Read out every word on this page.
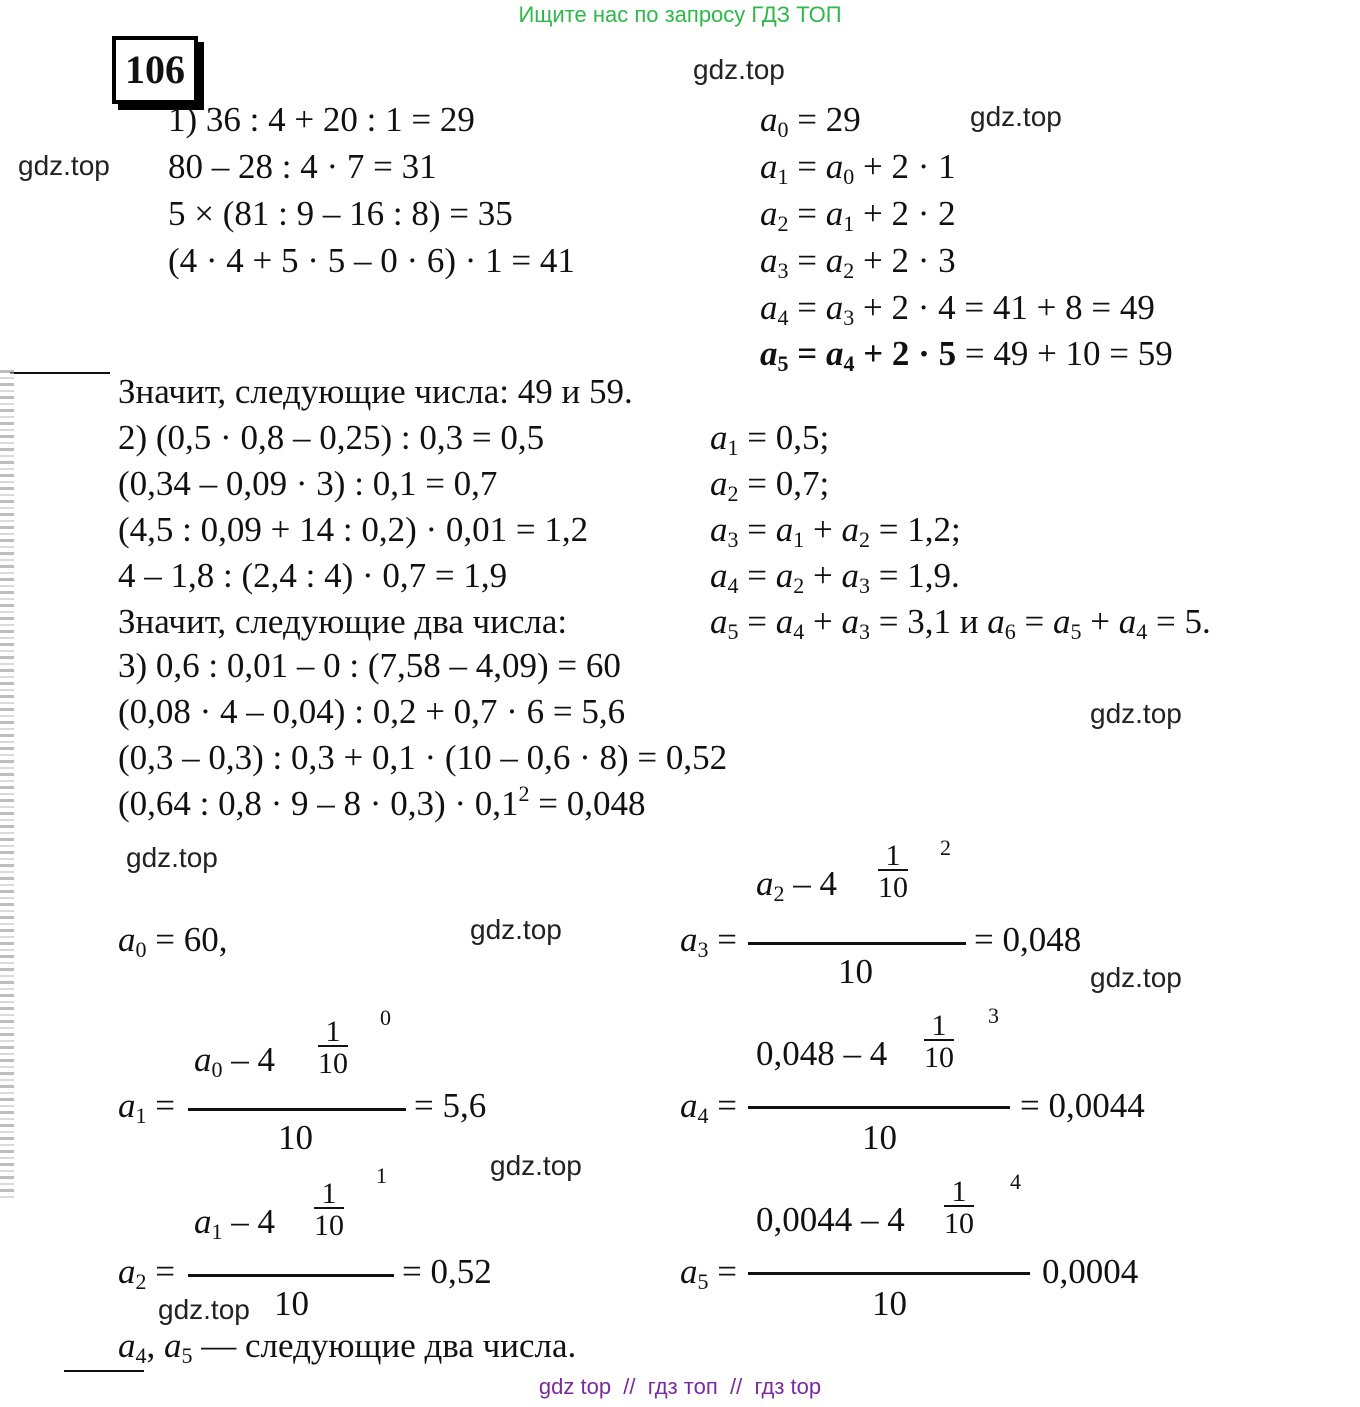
Ищите нас по запросу ГДЗ ТОП
106	gdz.top
gdz.top
gdz.top
gdz.top
gdz.top
gdz.top
gdz.top
gdz.top
gdz.top
1) 36 : 4 + 20 : 1 = 29
80 – 28 : 4 · 7 = 31
5 × (81 : 9 – 16 : 8) = 35
(4 · 4 + 5 · 5 – 0 · 6) · 1 = 41
$a_0 = 29$
$a_1 = a_0 + 2 \cdot 1$
$a_2 = a_1 + 2 \cdot 2$
$a_3 = a_2 + 2 \cdot 3$
$a_4 = a_3 + 2 \cdot 4 = 41 + 8 = 49$
$a_5 = a_4 + 2 \cdot 5 = 49 + 10 = 59$
Значит, следующие числа: 49 и 59.
2) (0,5 · 0,8 – 0,25) : 0,3 = 0,5
(0,34 – 0,09 · 3) : 0,1 = 0,7
(4,5 : 0,09 + 14 : 0,2) · 0,01 = 1,2
4 – 1,8 : (2,4 : 4) · 0,7 = 1,9
Значит, следующие два числа:
$a_1 = 0,5$;
$a_2 = 0,7$;
$a_3 = a_1 + a_2 = 1,2$;
$a_4 = a_2 + a_3 = 1,9$.
$a_5 = a_4 + a_3 = 3,1$ и $a_6 = a_5 + a_4 = 5$.
3) 0,6 : 0,01 – 0 : (7,58 – 4,09) = 60
(0,08 · 4 – 0,04) : 0,2 + 0,7 · 6 = 5,6
(0,3 – 0,3) : 0,3 + 0,1 · (10 – 0,6 · 8) = 0,52
(0,64 : $0,8 \cdot 9 - 8 \cdot 0,3) \cdot 0,1^2 = 0,048$
$a_0 = 60$,	$a_3$ =
$a_2 - 4$
1
10
2
10
= 0,048
$a_1$ =
$a_0 - 4$
1
10
0
10
= 5,6	$a_4$ =
0,048 – 4
1
10
3
10
= 0,0044
$a_2$ =
$a_1 - 4$
1
10
1
10
= 0,52	$a_5$ =
0,0044 – 4
1
10
4
10
0,0004
$a_4$, $a_5$ — следующие два числа.
gdz top  //  гдз топ  //  гдз top
